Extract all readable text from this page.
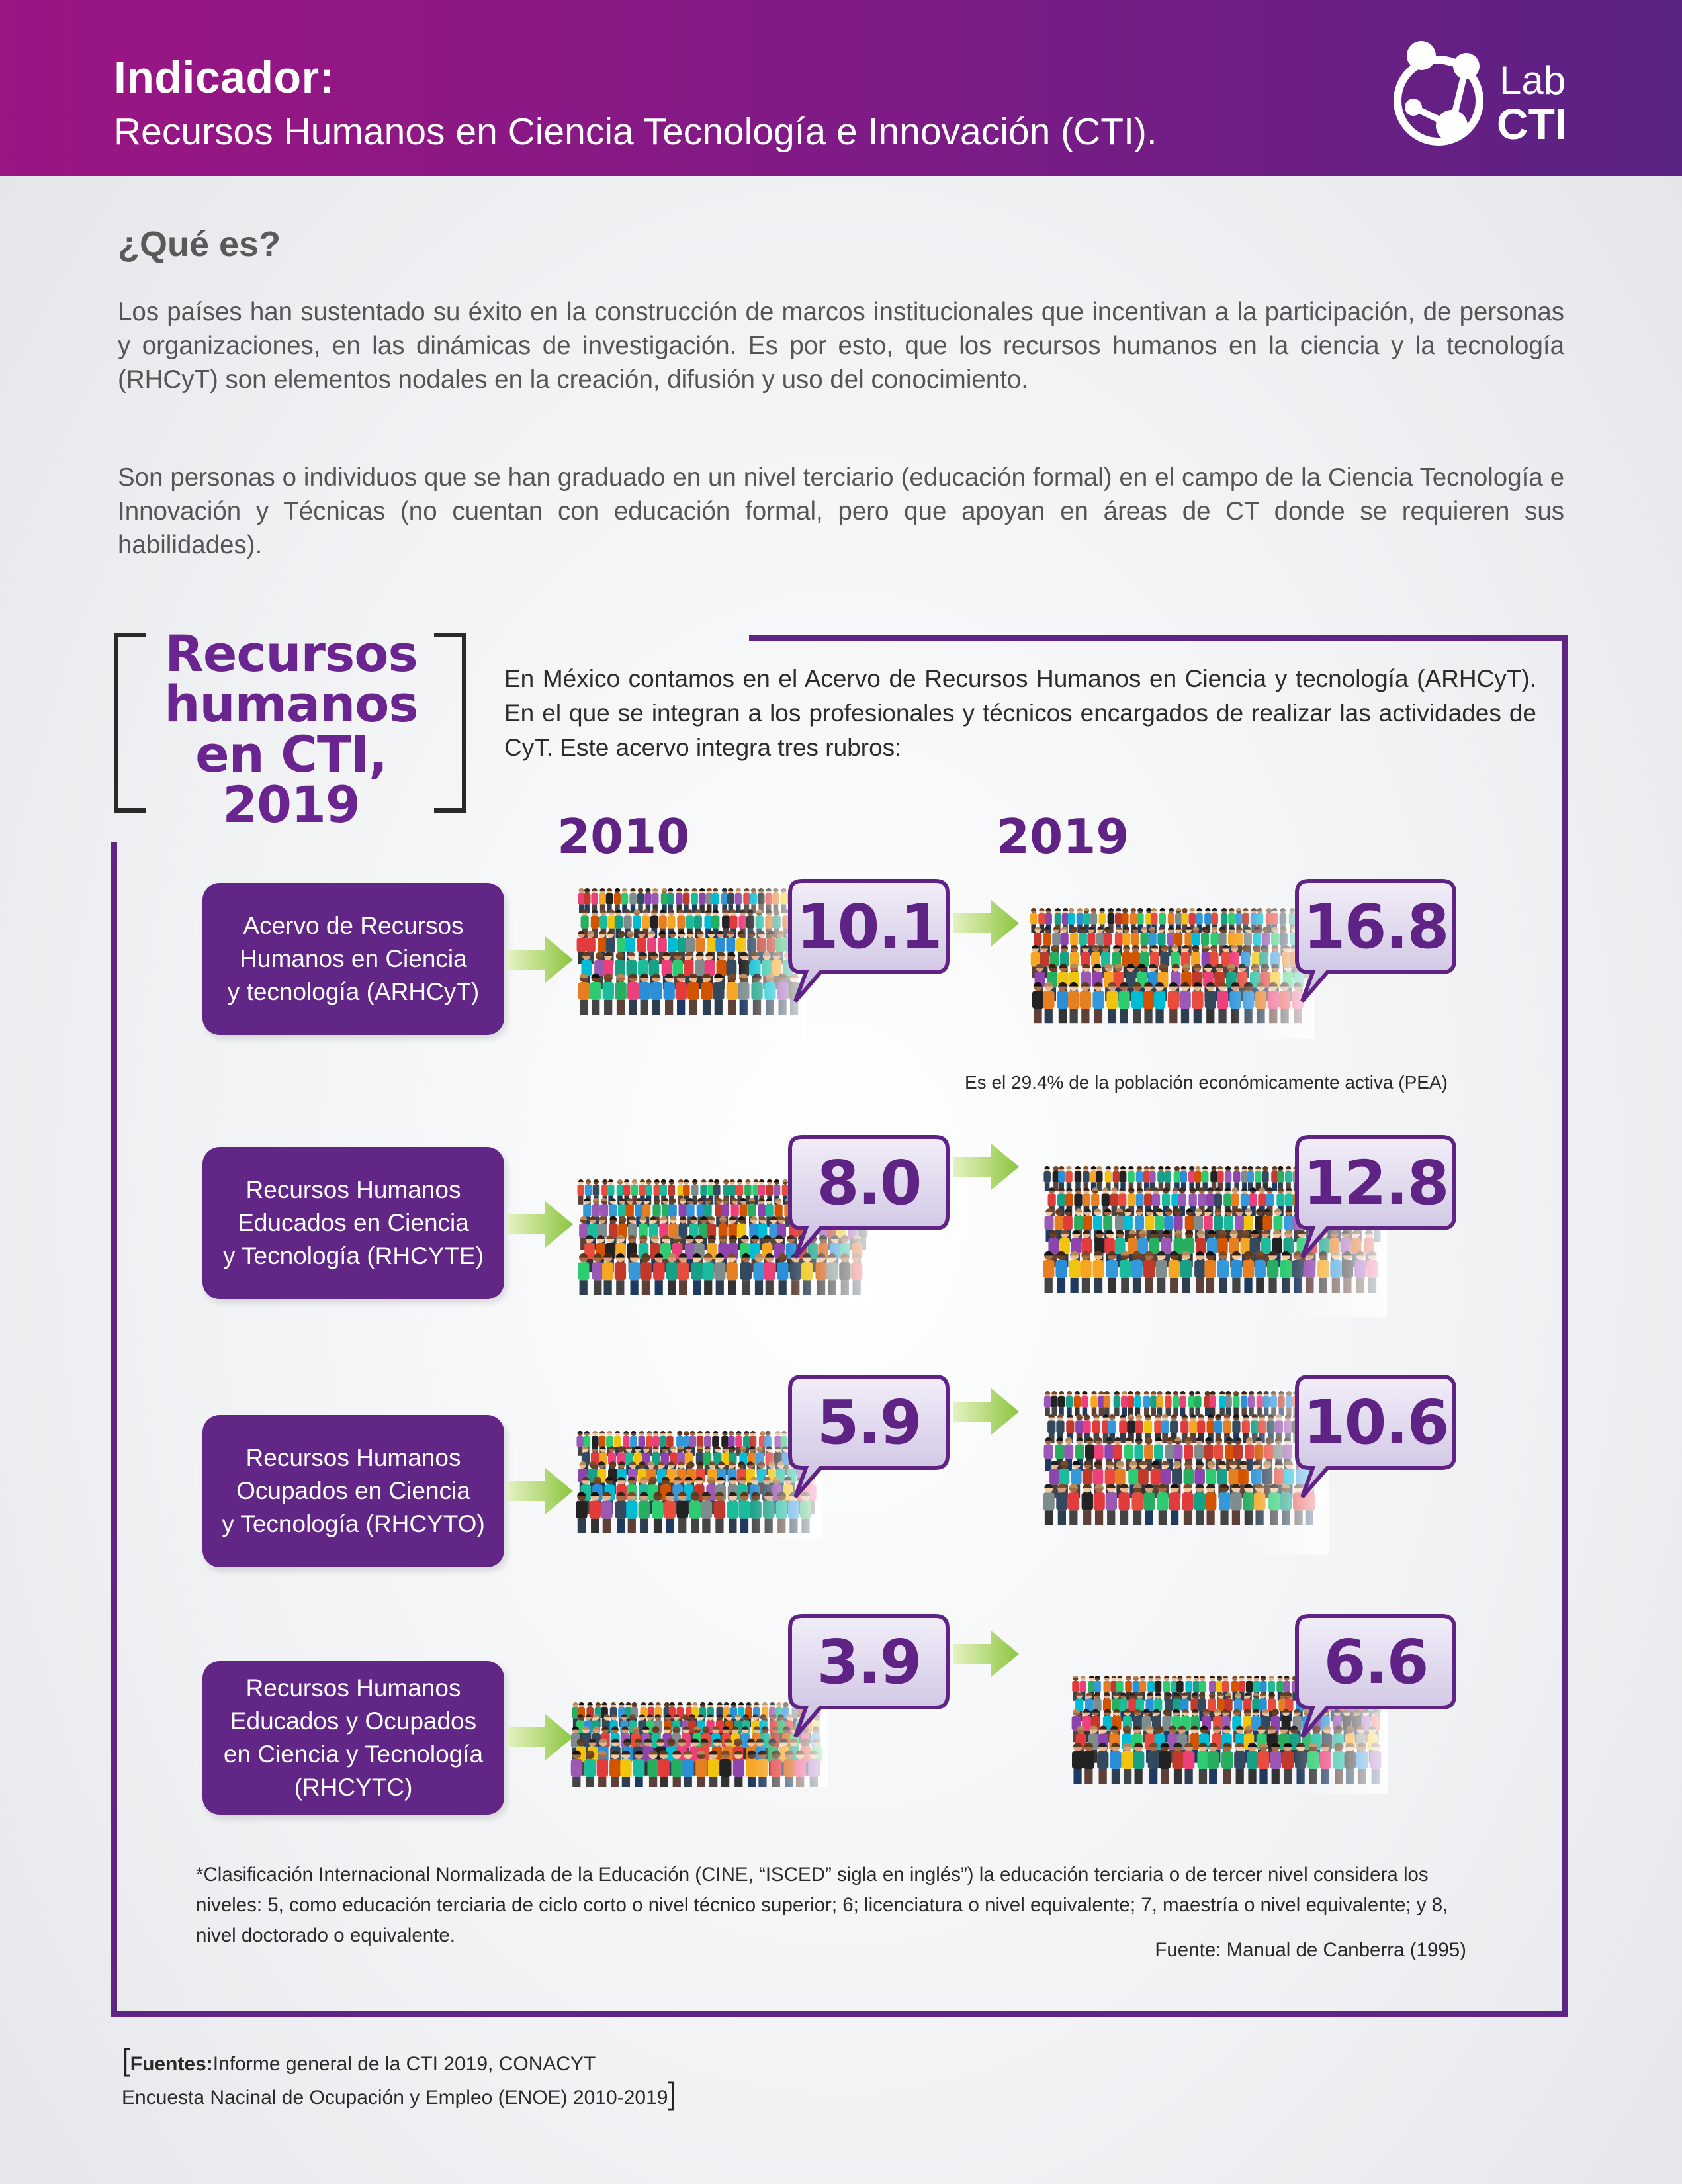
Indicador:
Recursos Humanos en Ciencia Tecnología e Innovación (CTI).
Lab
CTI
¿Qué es?

Los países han sustentado su éxito en la construcción de marcos institucionales que incentivan a la participación, de personas y organizaciones, en las dinámicas de investigación. Es por esto, que los recursos humanos en la ciencia y la tecnología (RHCyT) son elementos nodales en la creación, difusión y uso del conocimiento.

Son personas o individuos que se han graduado en un nivel terciario (educación formal) en el campo de la Ciencia Tecnología e Innovación y Técnicas (no cuentan con educación formal, pero que apoyan en áreas de CT donde se requieren sus habilidades).

Recursos
humanos
en CTI, 2019

En México contamos en el Acervo de Recursos Humanos en Ciencia y tecnología (ARHCyT). En el que se integran a los profesionales y técnicos encargados de realizar las actividades de CyT. Este acervo integra tres rubros:

2010	2019
Acervo de Recursos
Humanos en Ciencia
y tecnología (ARHCyT)
10.1	16.8
Recursos Humanos
Educados en Ciencia
y Tecnología (RHCYTE)
8.0	12.8
Recursos Humanos
Ocupados en Ciencia
y Tecnología (RHCYTO)
5.9	10.6
Recursos Humanos
Educados y Ocupados
en Ciencia y Tecnología
(RHCYTC)
3.9	6.6
Es el 29.4% de la población económicamente activa (PEA)

*Clasificación Internacional Normalizada de la Educación (CINE, “ISCED” sigla en inglés”) la educación terciaria o de tercer nivel considera los niveles: 5, como educación terciaria de ciclo corto o nivel técnico superior; 6; licenciatura o nivel equivalente; 7, maestría o nivel equivalente; y 8, nivel doctorado o equivalente.

Fuente: Manual de Canberra (1995)
[Fuentes:Informe general de la CTI 2019, CONACYT
Encuesta Nacinal de Ocupación y Empleo (ENOE) 2010-2019]
